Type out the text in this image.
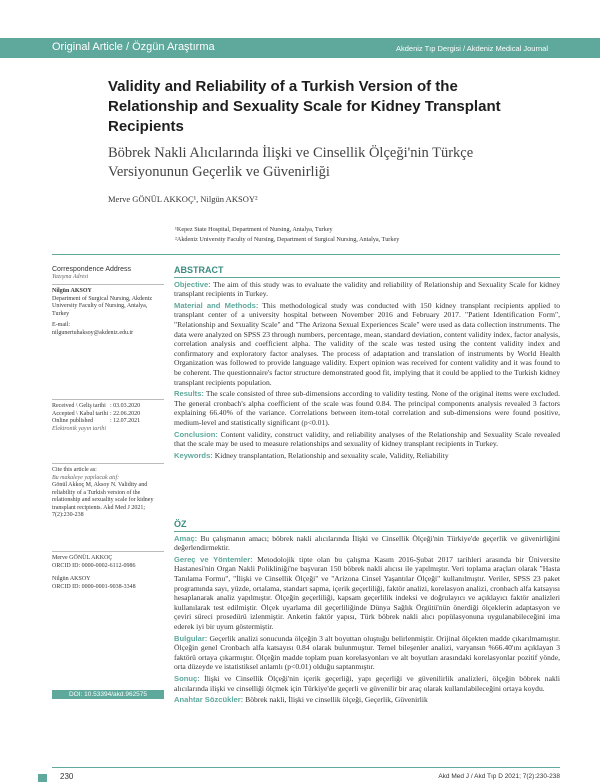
Original Article / Özgün Araştırma	Akdeniz Tıp Dergisi / Akdeniz Medical Journal
Validity and Reliability of a Turkish Version of the Relationship and Sexuality Scale for Kidney Transplant Recipients
Böbrek Nakli Alıcılarında İlişki ve Cinsellik Ölçeği'nin Türkçe Versiyonunun Geçerlik ve Güvenirliği
Merve GÖNÜL AKKOÇ¹, Nilgün AKSOY²
¹Kepez State Hospital, Department of Nursing, Antalya, Turkey
²Akdeniz University Faculty of Nursing, Department of Surgical Nursing, Antalya, Turkey
Correspondence Address
Yazışma Adresi
Nilgün AKSOY
Department of Surgical Nursing, Akdeniz University Faculty of Nursing, Antalya, Turkey
E-mail:
nilgunertuhaksoy@akdeniz.edu.tr
Received \ Geliş tarihi : 03.03.2020
Accepted \ Kabul tarihi : 22.06.2020
Online published	: 12.07.2021
Elektronik yayın tarihi
Cite this article as:
Bu makaleye yapılacak atıf:
Gönül Akkoç M, Aksoy N. Validity and reliability of a Turkish version of the relationship and sexuality scale for kidney transplant recipients. Akd Med J 2021; 7(2):230-238
Merve GÖNÜL AKKOÇ
ORCID ID: 0000-0002-6112-0986
Nilgün AKSOY
ORCID ID: 0000-0001-9038-3348
DOI: 10.53394/akd.962575
ABSTRACT
Objective: The aim of this study was to evaluate the validity and reliability of Relationship and Sexuality Scale for kidney transplant recipients in Turkey.
Material and Methods: This methodological study was conducted with 150 kidney transplant recipients applied to transplant center of a university hospital between November 2016 and February 2017. "Patient Identification Form", "Relationship and Sexuality Scale" and "The Arizona Sexual Experiences Scale" were used as data collection instruments. The data were analyzed on SPSS 23 through numbers, percentage, mean, standard deviation, content validity index, factor analysis, correlation analysis and coefficient alpha. The validity of the scale was tested using the content validity index and confirmatory and exploratory factor analyses. The process of adaptation and translation of instruments by World Health Organization was followed to provide language validity. Expert opinion was received for content validity and it was found to be coherent. The questionnaire's factor structure demonstrated good fit, implying that it could be applied to the Turkish kidney transplant recipients population.
Results: The scale consisted of three sub-dimensions according to validity testing. None of the original items were excluded. The general cronbach's alpha coefficient of the scale was found 0.84. The principal components analysis revealed 3 factors explaining 66.40% of the variance. Correlations between item-total correlation and sub-dimensions were found positive, medium-level and statistically significant (p<0.01).
Conclusion: Content validity, construct validity, and reliability analyses of the Relationship and Sexuality Scale revealed that the scale may be used to measure relationships and sexuality of kidney transplant recipients in Turkey.
Keywords: Kidney transplantation, Relationship and sexuality scale, Validity, Reliability
ÖZ
Amaç: Bu çalışmanın amacı; böbrek nakli alıcılarında İlişki ve Cinsellik Ölçeği'nin Türkiye'de geçerlik ve güvenirliğini değerlendirmektir.
Gereç ve Yöntemler: Metodolojik tipte olan bu çalışma Kasım 2016-Şubat 2017 tarihleri arasında bir Üniversite Hastanesi'nin Organ Nakli Polikliniği'ne başvuran 150 böbrek nakli alıcısı ile yapılmıştır. Veri toplama araçları olarak "Hasta Tanılama Formu", "İlişki ve Cinsellik Ölçeği" ve "Arizona Cinsel Yaşantılar Ölçeği" kullanılmıştır. Veriler, SPSS 23 paket programında sayı, yüzde, ortalama, standart sapma, içerik geçerliliği, faktör analizi, korelasyon analizi, cronbach alfa katsayısı hesaplanarak analiz yapılmıştır. Ölçeğin geçerliliği, kapsam geçerlilik indeksi ve doğrulayıcı ve açıklayıcı faktör analizleri kullanılarak test edilmiştir. Ölçek uyarlama dil geçerliliğinde Dünya Sağlık Örgütü'nün önerdiği ölçeklerin adaptasyon ve çeviri süreci prosedürü izlenmiştir. Anketin faktör yapısı, Türk böbrek nakli alıcı popülasyonuna uygulanabileceğini ima ederek iyi bir uyum göstermiştir.
Bulgular: Geçerlik analizi sonucunda ölçeğin 3 alt boyuttan oluştuğu belirlenmiştir. Orijinal ölçekten madde çıkarılmamıştır. Ölçeğin genel Cronbach alfa katsayısı 0.84 olarak bulunmuştur. Temel bileşenler analizi, varyansın %66.40'ını açıklayan 3 faktörü ortaya çıkarmıştır. Ölçeğin madde toplam puan korelasyonları ve alt boyutları arasındaki korelasyonlar pozitif yönde, orta düzeyde ve istatistiksel anlamlı (p<0.01) olduğu saptanmıştır.
Sonuç: İlişki ve Cinsellik Ölçeği'nin içerik geçerliği, yapı geçerliği ve güvenilirlik analizleri, ölçeğin böbrek nakli alıcılarında ilişki ve cinselliği ölçmek için Türkiye'de geçerli ve güvenilir bir araç olarak kullanılabileceğini ortaya koydu.
Anahtar Sözcükler: Böbrek nakli, İlişki ve cinsellik ölçeği, Geçerlik, Güvenirlik
230	Akd Med J / Akd Tıp D 2021; 7(2):230-238
